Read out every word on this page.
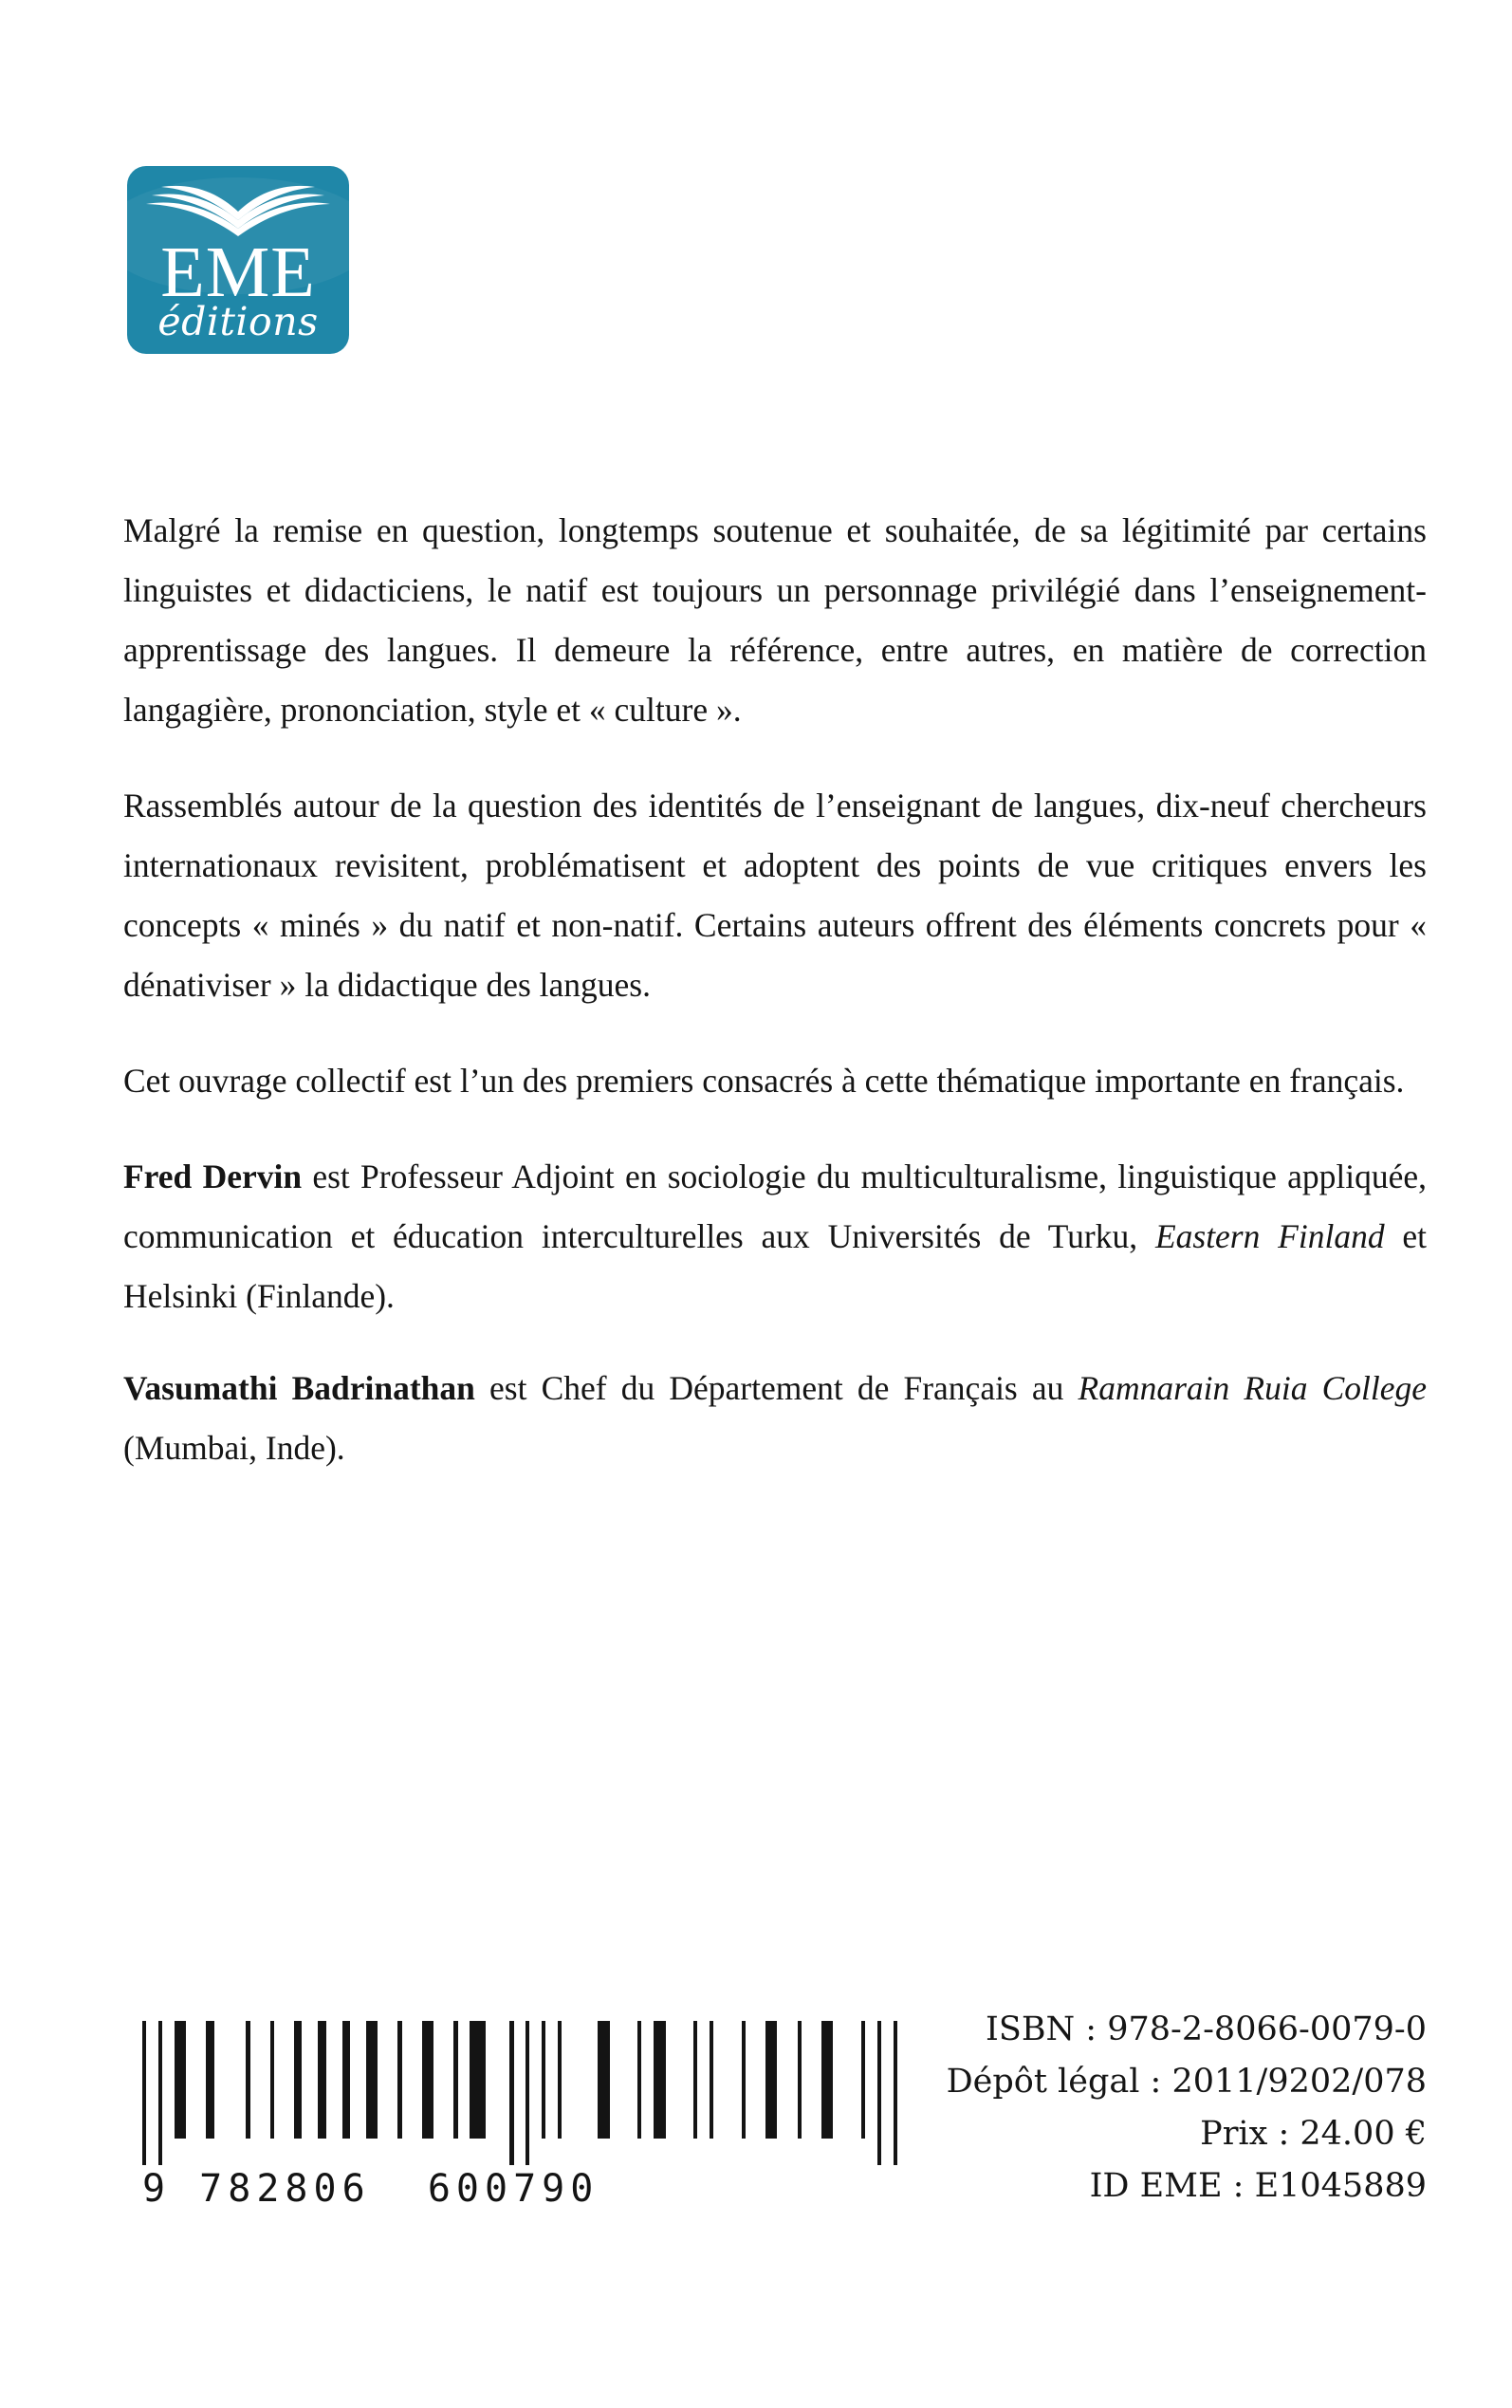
EME
éditions

Malgré la remise en question, longtemps soutenue et souhaitée, de sa légitimité par certains linguistes et didacticiens, le natif est toujours un personnage privilégié dans l’enseignement-apprentissage des langues. Il demeure la référence, entre autres, en matière de correction langagière, prononciation, style et « culture ».

Rassemblés autour de la question des identités de l’enseignant de langues, dix-neuf chercheurs internationaux revisitent, problématisent et adoptent des points de vue critiques envers les concepts « minés » du natif et non-natif. Certains auteurs offrent des éléments concrets pour « dénativiser » la didactique des langues.

Cet ouvrage collectif est l’un des premiers consacrés à cette thématique importante en français.

Fred Dervin est Professeur Adjoint en sociologie du multiculturalisme, linguistique appliquée, communication et éducation interculturelles aux Universités de Turku, Eastern Finland et Helsinki (Finlande).

Vasumathi Badrinathan est Chef du Département de Français au Ramnarain Ruia College (Mumbai, Inde).

9 782806  600790
ISBN : 978-2-8066-0079-0
Dépôt légal : 2011/9202/078
Prix : 24.00 €
ID EME : E1045889
